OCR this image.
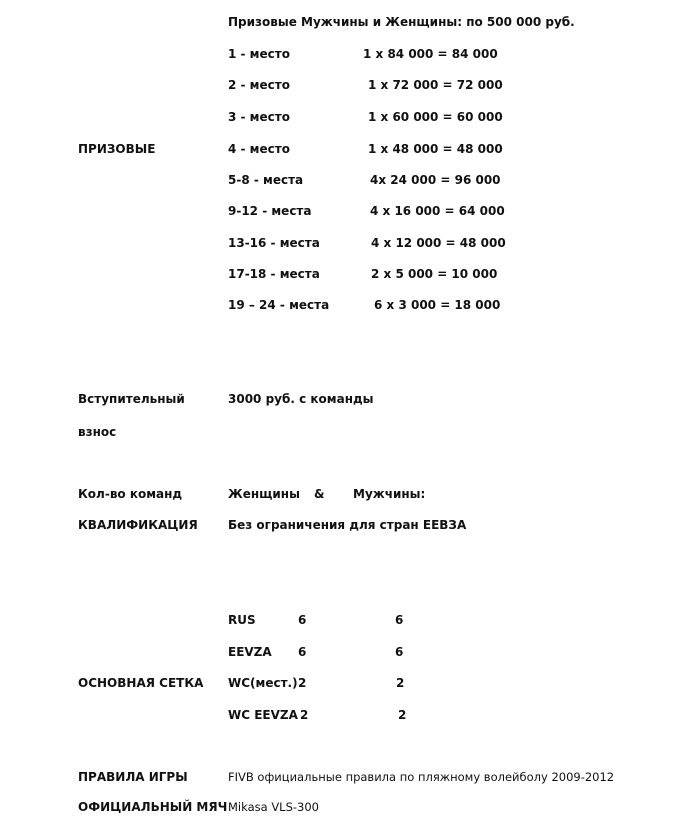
Призовые Мужчины и Женщины: по 500 000 руб.
1 - место	1 х 84 000 = 84 000
2 - место	1 х 72 000 = 72 000
3 - место	1 х 60 000 = 60 000
ПРИЗОВЫЕ	4 - место	1 х 48 000 = 48 000
5-8 - места	4х 24 000 = 96 000
9-12 - места	4 х 16 000 = 64 000
13-16 - места	4 х 12 000 = 48 000
17-18 - места	2 х 5 000 = 10 000
19 – 24 - места	6 х 3 000 = 18 000
Вступительный	3000 руб. с команды
взнос
Кол-во команд	Женщины & Мужчины:
КВАЛИФИКАЦИЯ	Без ограничения для стран ЕЕВЗА
RUS	6	6
EEVZA 6	6
ОСНОВНАЯ СЕТКА WC(мест.) 2	2
WC EEVZA 2	2
ПРАВИЛА ИГРЫ	FIVB официальные правила по пляжному волейболу 2009-2012
ОФИЦИАЛЬНЫЙ МЯЧ Mikasa VLS-300
